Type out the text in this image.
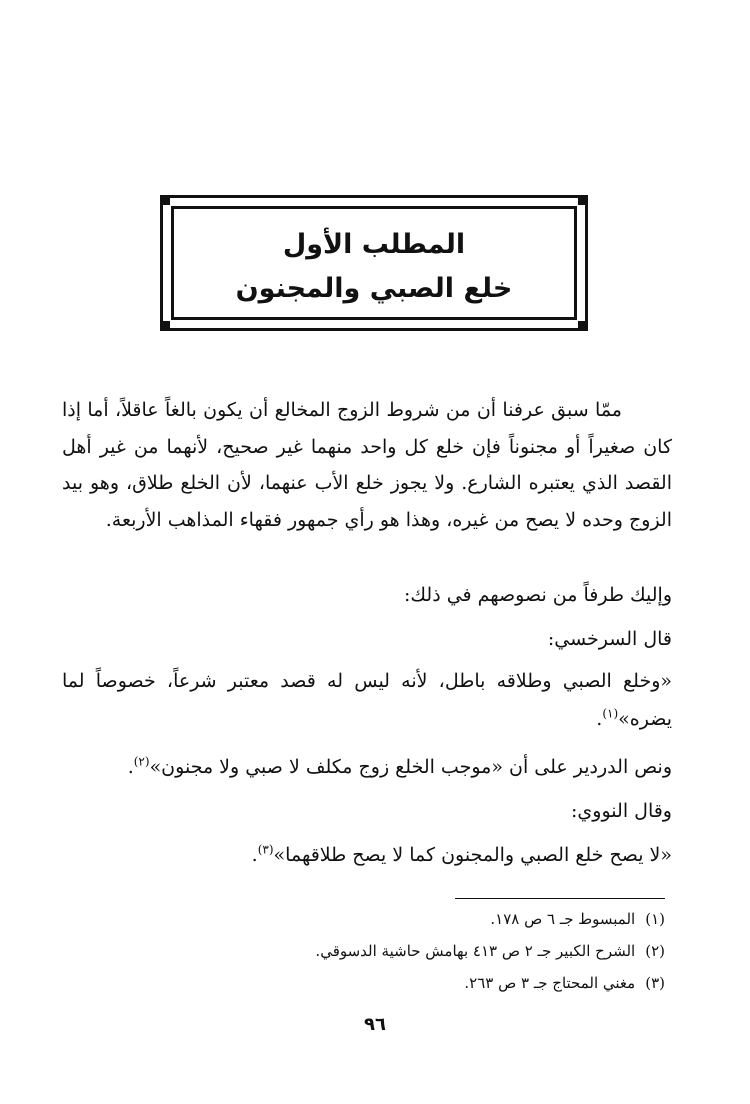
المطلب الأول
خلع الصبي والمجنون
ممّا سبق عرفنا أن من شروط الزوج المخالع أن يكون بالغاً عاقلاً، أما إذا كان صغيراً أو مجنوناً فإن خلع كل واحد منهما غير صحيح، لأنهما من غير أهل القصد الذي يعتبره الشارع. ولا يجوز خلع الأب عنهما، لأن الخلع طلاق، وهو بيد الزوج وحده لا يصح من غيره، وهذا هو رأي جمهور فقهاء المذاهب الأربعة.
وإليك طرفاً من نصوصهم في ذلك:
قال السرخسي:
«وخلع الصبي وطلاقه باطل، لأنه ليس له قصد معتبر شرعاً، خصوصاً لما يضره»$^{(١)}$.
ونص الدردير على أن «موجب الخلع زوج مكلف لا صبي ولا مجنون»$^{(٢)}$.
وقال النووي:
«لا يصح خلع الصبي والمجنون كما لا يصح طلاقهما»$^{(٣)}$.
(١)المبسوط جـ ٦ ص ١٧٨.
(٢)الشرح الكبير جـ ٢ ص ٤١٣ بهامش حاشية الدسوقي.
(٣)مغني المحتاج جـ ٣ ص ٢٦٣.
٩٦
